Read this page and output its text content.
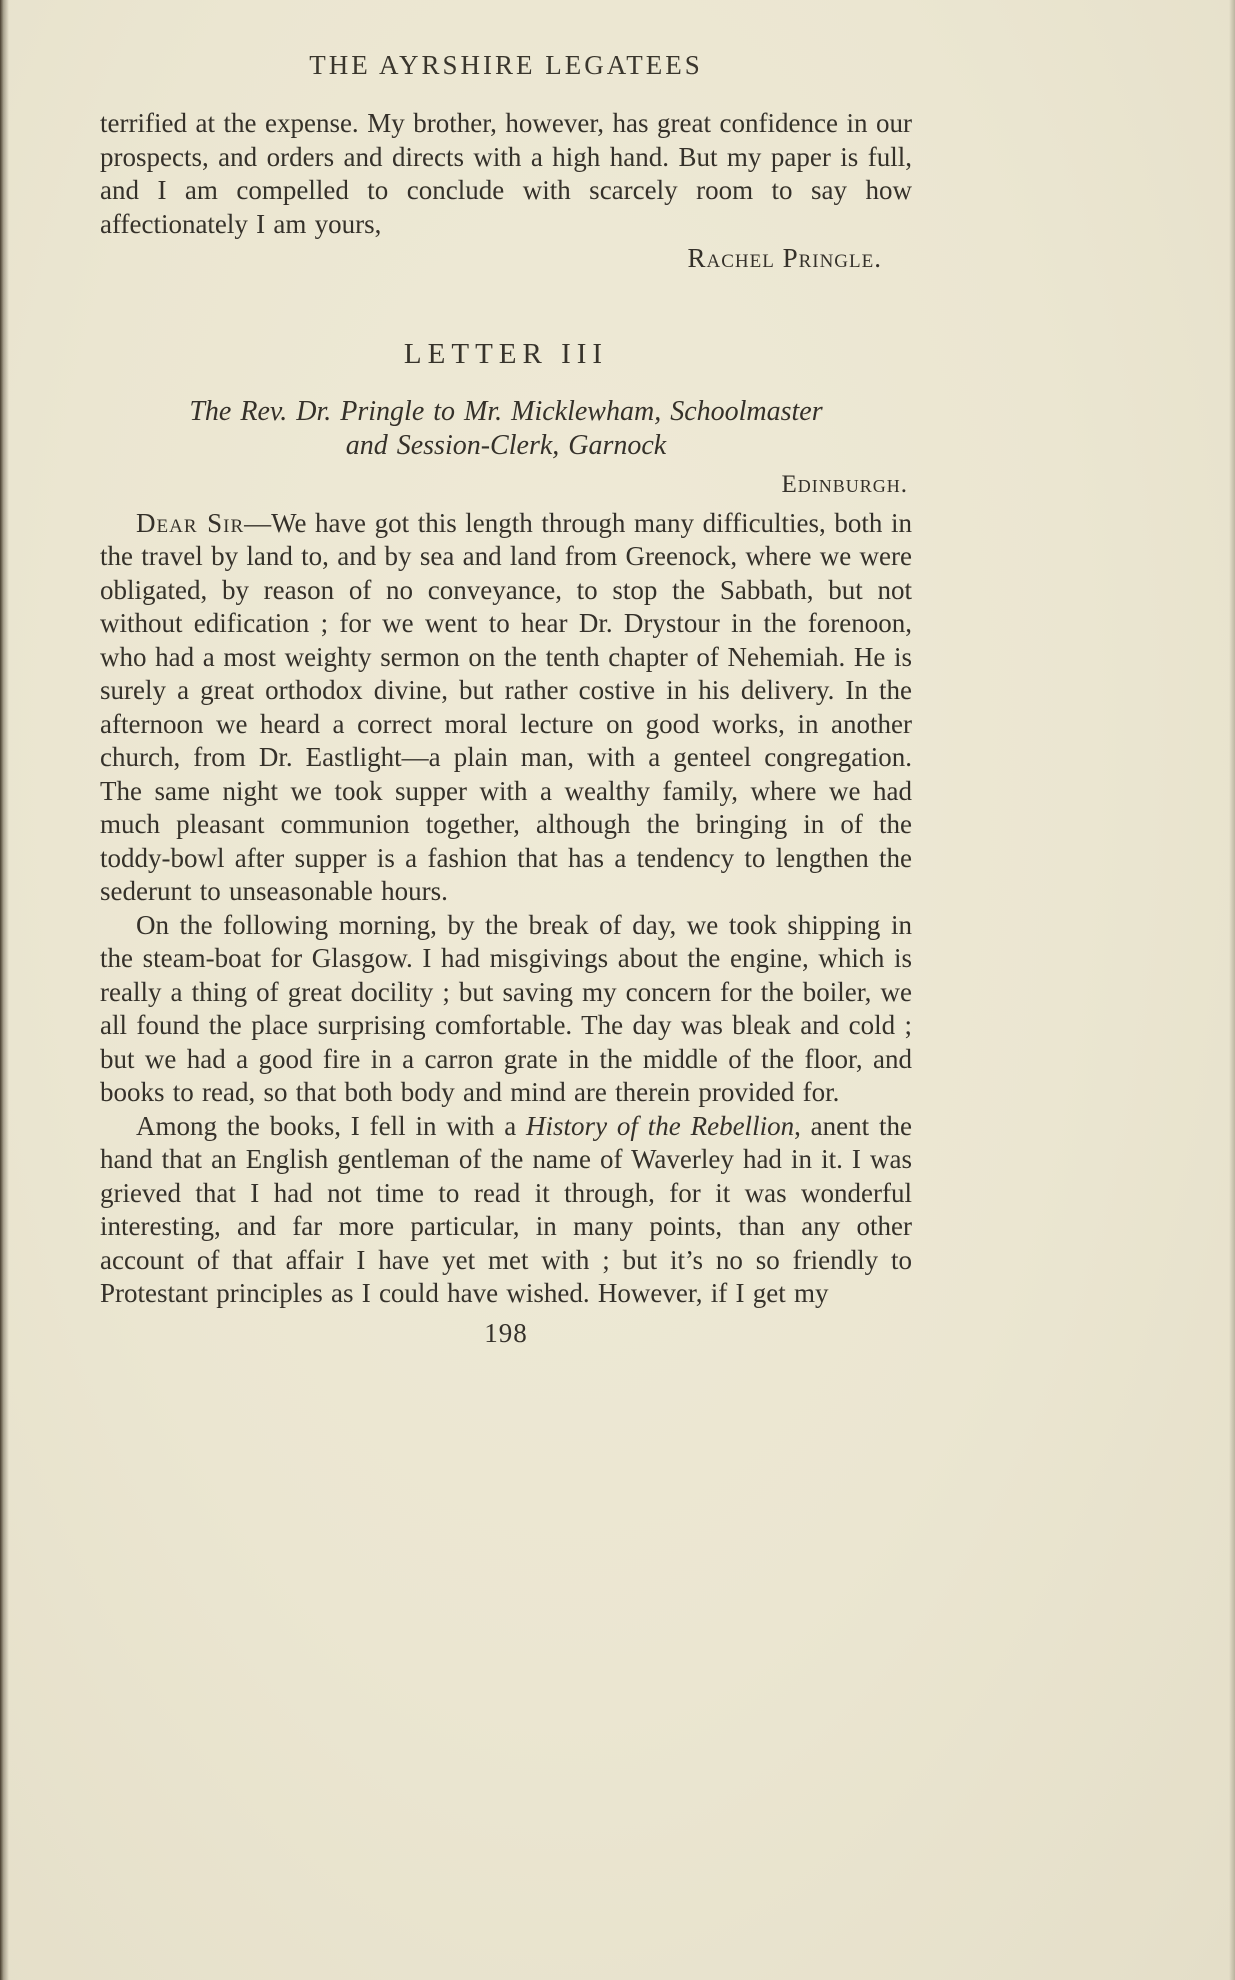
THE AYRSHIRE LEGATEES

terrified at the expense. My brother, however, has great confidence in our prospects, and orders and directs with a high hand. But my paper is full, and I am compelled to conclude with scarcely room to say how affectionately I am yours,

Rachel Pringle.
LETTER III
The Rev. Dr. Pringle to Mr. Micklewham, Schoolmaster
and Session-Clerk, Garnock
Edinburgh.

Dear Sir—We have got this length through many difficulties, both in the travel by land to, and by sea and land from Greenock, where we were obligated, by reason of no conveyance, to stop the Sabbath, but not without edification ; for we went to hear Dr. Drystour in the forenoon, who had a most weighty sermon on the tenth chapter of Nehemiah. He is surely a great orthodox divine, but rather costive in his delivery. In the afternoon we heard a correct moral lecture on good works, in another church, from Dr. Eastlight—a plain man, with a genteel congregation. The same night we took supper with a wealthy family, where we had much pleasant communion together, although the bringing in of the toddy-bowl after supper is a fashion that has a tendency to lengthen the sederunt to unseasonable hours.

On the following morning, by the break of day, we took shipping in the steam-boat for Glasgow. I had misgivings about the engine, which is really a thing of great docility ; but saving my concern for the boiler, we all found the place surprising comfortable. The day was bleak and cold ; but we had a good fire in a carron grate in the middle of the floor, and books to read, so that both body and mind are therein provided for.

Among the books, I fell in with a History of the Rebellion, anent the hand that an English gentleman of the name of Waverley had in it. I was grieved that I had not time to read it through, for it was wonderful interesting, and far more particular, in many points, than any other account of that affair I have yet met with ; but it’s no so friendly to Protestant principles as I could have wished. However, if I get my

198
